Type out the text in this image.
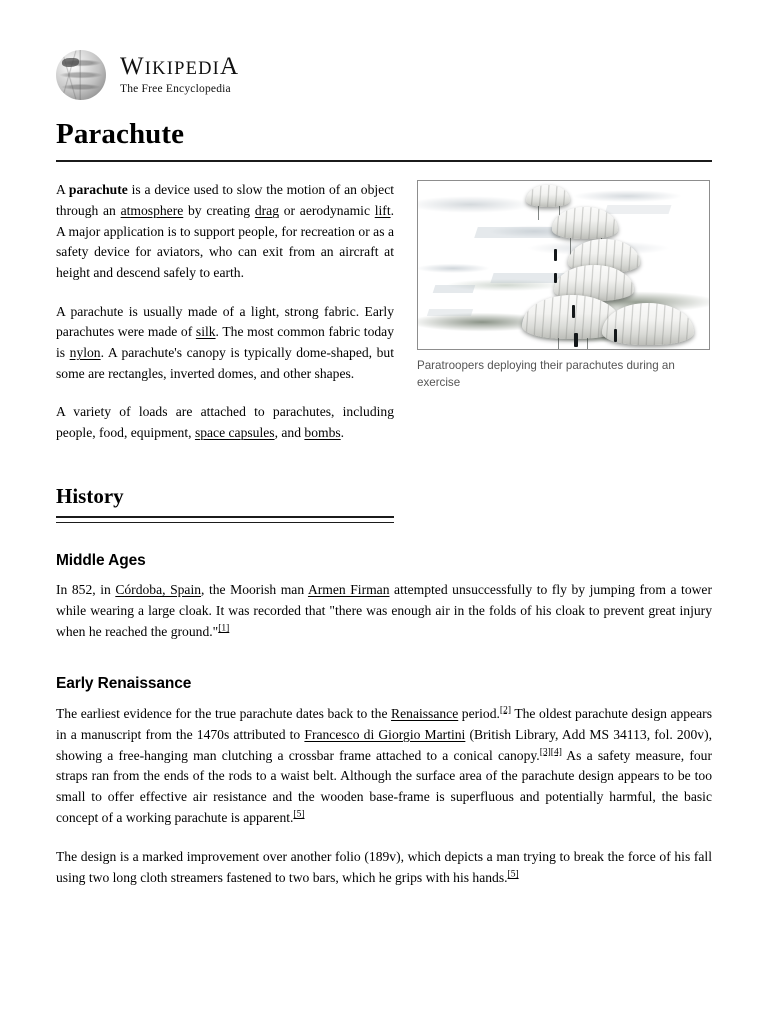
WIKIPEDIA
The Free Encyclopedia
Parachute

A parachute is a device used to slow the motion of an object through an atmosphere by creating drag or aerodynamic lift. A major application is to support people, for recreation or as a safety device for aviators, who can exit from an aircraft at height and descend safely to earth.

A parachute is usually made of a light, strong fabric. Early parachutes were made of silk. The most common fabric today is nylon. A parachute's canopy is typically dome-shaped, but some are rectangles, inverted domes, and other shapes.

A variety of loads are attached to parachutes, including people, food, equipment, space capsules, and bombs.

Paratroopers deploying their parachutes during an exercise
History
Middle Ages

In 852, in Córdoba, Spain, the Moorish man Armen Firman attempted unsuccessfully to fly by jumping from a tower while wearing a large cloak. It was recorded that "there was enough air in the folds of his cloak to prevent great injury when he reached the ground."[1]

Early Renaissance

The earliest evidence for the true parachute dates back to the Renaissance period.[2] The oldest parachute design appears in a manuscript from the 1470s attributed to Francesco di Giorgio Martini (British Library, Add MS 34113, fol. 200v), showing a free-hanging man clutching a crossbar frame attached to a conical canopy.[3][4] As a safety measure, four straps ran from the ends of the rods to a waist belt. Although the surface area of the parachute design appears to be too small to offer effective air resistance and the wooden base-frame is superfluous and potentially harmful, the basic concept of a working parachute is apparent.[5]

The design is a marked improvement over another folio (189v), which depicts a man trying to break the force of his fall using two long cloth streamers fastened to two bars, which he grips with his hands.[5]
